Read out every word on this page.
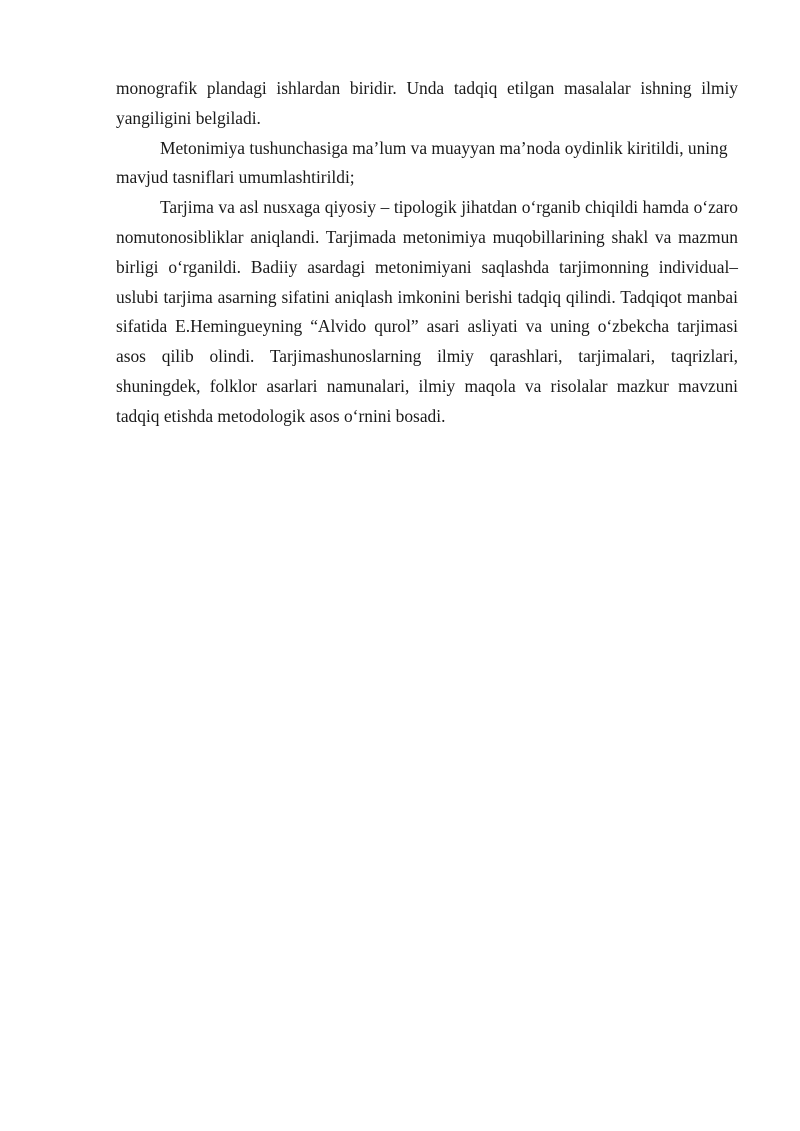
monografik plandagi ishlardan biridir. Unda tadqiq etilgan masalalar ishning ilmiy yangiligini belgiladi.

Metonimiya tushunchasiga ma’lum va muayyan ma’noda oydinlik kiritildi, uning mavjud tasniflari umumlashtirildi;

Tarjima va asl nusxaga qiyosiy – tipologik jihatdan o‘rganib chiqildi hamda o‘zaro nomutonosibliklar aniqlandi. Tarjimada metonimiya muqobillarining shakl va mazmun birligi o‘rganildi. Badiiy asardagi metonimiyani saqlashda tarjimonning individual– uslubi tarjima asarning sifatini aniqlash imkonini berishi tadqiq qilindi. Tadqiqot manbai sifatida E.Hemingueyning “Alvido qurol” asari asliyati va uning o‘zbekcha tarjimasi asos qilib olindi. Tarjimashunoslarning ilmiy qarashlari, tarjimalari, taqrizlari, shuningdek, folklor asarlari namunalari, ilmiy maqola va risolalar mazkur mavzuni tadqiq etishda metodologik asos o‘rnini bosadi.
